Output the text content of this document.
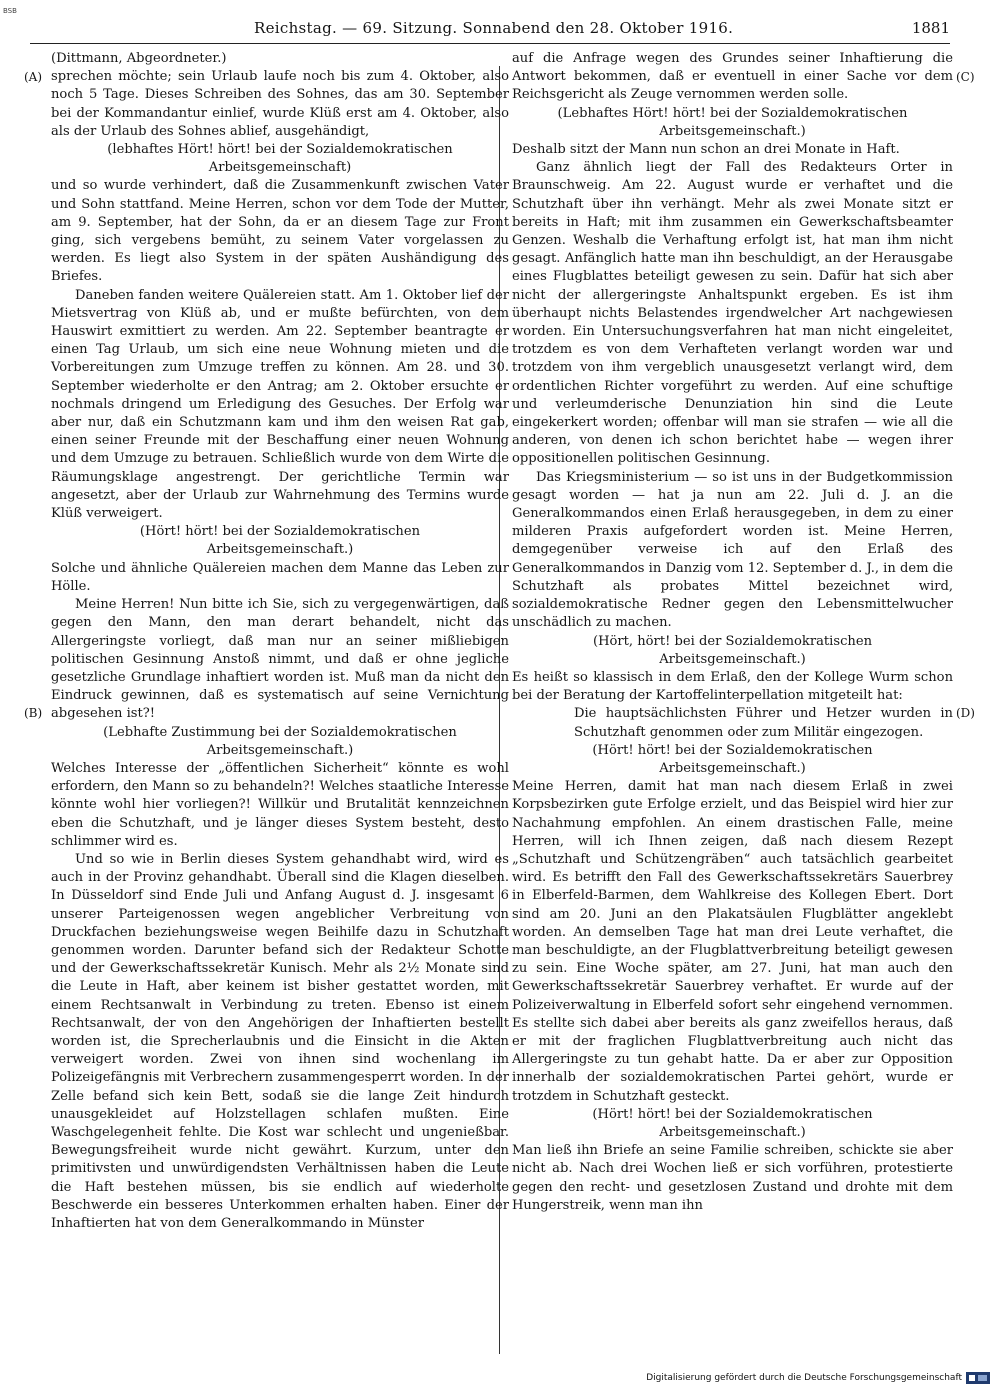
BSB
Reichstag. — 69. Sitzung. Sonnabend den 28. Oktober 1916.	1881
(A)
(B)
(C)
(D)

(Dittmann, Abgeordneter.)

sprechen möchte; sein Urlaub laufe noch bis zum 4. Oktober, also noch 5 Tage. Dieses Schreiben des Sohnes, das am 30. September bei der Kommandantur einlief, wurde Klüß erst am 4. Oktober, also als der Urlaub des Sohnes ablief, ausgehändigt,

(lebhaftes Hört! hört! bei der Sozialdemokratischen Arbeitsgemeinschaft)

und so wurde verhindert, daß die Zusammenkunft zwischen Vater und Sohn stattfand. Meine Herren, schon vor dem Tode der Mutter, am 9. September, hat der Sohn, da er an diesem Tage zur Front ging, sich vergebens bemüht, zu seinem Vater vorgelassen zu werden. Es liegt also System in der späten Aushändigung des Briefes.

Daneben fanden weitere Quälereien statt. Am 1. Oktober lief der Mietsvertrag von Klüß ab, und er mußte befürchten, von dem Hauswirt exmittiert zu werden. Am 22. September beantragte er einen Tag Urlaub, um sich eine neue Wohnung mieten und die Vorbereitungen zum Umzuge treffen zu können. Am 28. und 30. September wiederholte er den Antrag; am 2. Oktober ersuchte er nochmals dringend um Erledigung des Gesuches. Der Erfolg war aber nur, daß ein Schutzmann kam und ihm den weisen Rat gab, einen seiner Freunde mit der Beschaffung einer neuen Wohnung und dem Umzuge zu betrauen. Schließlich wurde von dem Wirte die Räumungsklage angestrengt. Der gerichtliche Termin war angesetzt, aber der Urlaub zur Wahrnehmung des Termins wurde Klüß verweigert.

(Hört! hört! bei der Sozialdemokratischen Arbeitsgemeinschaft.)

Solche und ähnliche Quälereien machen dem Manne das Leben zur Hölle.

Meine Herren! Nun bitte ich Sie, sich zu vergegenwärtigen, daß gegen den Mann, den man derart behandelt, nicht das Allergeringste vorliegt, daß man nur an seiner mißliebigen politischen Gesinnung Anstoß nimmt, und daß er ohne jegliche gesetzliche Grundlage inhaftiert worden ist. Muß man da nicht den Eindruck gewinnen, daß es systematisch auf seine Vernichtung abgesehen ist?!

(Lebhafte Zustimmung bei der Sozialdemokratischen Arbeitsgemeinschaft.)

Welches Interesse der „öffentlichen Sicherheit“ könnte es wohl erfordern, den Mann so zu behandeln?! Welches staatliche Interesse könnte wohl hier vorliegen?! Willkür und Brutalität kennzeichnen eben die Schutzhaft, und je länger dieses System besteht, desto schlimmer wird es.

Und so wie in Berlin dieses System gehandhabt wird, wird es auch in der Provinz gehandhabt. Überall sind die Klagen dieselben. In Düsseldorf sind Ende Juli und Anfang August d. J. insgesamt 6 unserer Parteigenossen wegen angeblicher Verbreitung von Druckfachen beziehungsweise wegen Beihilfe dazu in Schutzhaft genommen worden. Darunter befand sich der Redakteur Schotte und der Gewerkschaftssekretär Kunisch. Mehr als 2½ Monate sind die Leute in Haft, aber keinem ist bisher gestattet worden, mit einem Rechtsanwalt in Verbindung zu treten. Ebenso ist einem Rechtsanwalt, der von den Angehörigen der Inhaftierten bestellt worden ist, die Sprecherlaubnis und die Einsicht in die Akten verweigert worden. Zwei von ihnen sind wochenlang im Polizeigefängnis mit Verbrechern zusammengesperrt worden. In der Zelle befand sich kein Bett, sodaß sie die lange Zeit hindurch unausgekleidet auf Holzstellagen schlafen mußten. Eine Waschgelegenheit fehlte. Die Kost war schlecht und ungenießbar. Bewegungsfreiheit wurde nicht gewährt. Kurzum, unter den primitivsten und unwürdigendsten Verhältnissen haben die Leute die Haft bestehen müssen, bis sie endlich auf wiederholte Beschwerde ein besseres Unterkommen erhalten haben. Einer der Inhaftierten hat von dem Generalkommando in Münster

auf die Anfrage wegen des Grundes seiner Inhaftierung die Antwort bekommen, daß er eventuell in einer Sache vor dem Reichsgericht als Zeuge vernommen werden solle.

(Lebhaftes Hört! hört! bei der Sozialdemokratischen Arbeitsgemeinschaft.)

Deshalb sitzt der Mann nun schon an drei Monate in Haft.

Ganz ähnlich liegt der Fall des Redakteurs Orter in Braunschweig. Am 22. August wurde er verhaftet und die Schutzhaft über ihn verhängt. Mehr als zwei Monate sitzt er bereits in Haft; mit ihm zusammen ein Gewerkschaftsbeamter Genzen. Weshalb die Verhaftung erfolgt ist, hat man ihm nicht gesagt. Anfänglich hatte man ihn beschuldigt, an der Herausgabe eines Flugblattes beteiligt gewesen zu sein. Dafür hat sich aber nicht der allergeringste Anhaltspunkt ergeben. Es ist ihm überhaupt nichts Belastendes irgendwelcher Art nachgewiesen worden. Ein Untersuchungsverfahren hat man nicht eingeleitet, trotzdem es von dem Verhafteten verlangt worden war und trotzdem von ihm vergeblich unausgesetzt verlangt wird, dem ordentlichen Richter vorgeführt zu werden. Auf eine schuftige und verleumderische Denunziation hin sind die Leute eingekerkert worden; offenbar will man sie strafen — wie all die anderen, von denen ich schon berichtet habe — wegen ihrer oppositionellen politischen Gesinnung.

Das Kriegsministerium — so ist uns in der Budgetkommission gesagt worden — hat ja nun am 22. Juli d. J. an die Generalkommandos einen Erlaß herausgegeben, in dem zu einer milderen Praxis aufgefordert worden ist. Meine Herren, demgegenüber verweise ich auf den Erlaß des Generalkommandos in Danzig vom 12. September d. J., in dem die Schutzhaft als probates Mittel bezeichnet wird, sozialdemokratische Redner gegen den Lebensmittelwucher unschädlich zu machen.

(Hört, hört! bei der Sozialdemokratischen Arbeitsgemeinschaft.)

Es heißt so klassisch in dem Erlaß, den der Kollege Wurm schon bei der Beratung der Kartoffelinterpellation mitgeteilt hat:

Die hauptsächlichsten Führer und Hetzer wurden in Schutzhaft genommen oder zum Militär eingezogen.

(Hört! hört! bei der Sozialdemokratischen Arbeitsgemeinschaft.)

Meine Herren, damit hat man nach diesem Erlaß in zwei Korpsbezirken gute Erfolge erzielt, und das Beispiel wird hier zur Nachahmung empfohlen. An einem drastischen Falle, meine Herren, will ich Ihnen zeigen, daß nach diesem Rezept „Schutzhaft und Schützengräben“ auch tatsächlich gearbeitet wird. Es betrifft den Fall des Gewerkschaftssekretärs Sauerbrey in Elberfeld-Barmen, dem Wahlkreise des Kollegen Ebert. Dort sind am 20. Juni an den Plakatsäulen Flugblätter angeklebt worden. An demselben Tage hat man drei Leute verhaftet, die man beschuldigte, an der Flugblattverbreitung beteiligt gewesen zu sein. Eine Woche später, am 27. Juni, hat man auch den Gewerkschaftssekretär Sauerbrey verhaftet. Er wurde auf der Polizeiverwaltung in Elberfeld sofort sehr eingehend vernommen. Es stellte sich dabei aber bereits als ganz zweifellos heraus, daß er mit der fraglichen Flugblattverbreitung auch nicht das Allergeringste zu tun gehabt hatte. Da er aber zur Opposition innerhalb der sozialdemokratischen Partei gehört, wurde er trotzdem in Schutzhaft gesteckt.

(Hört! hört! bei der Sozialdemokratischen Arbeitsgemeinschaft.)

Man ließ ihn Briefe an seine Familie schreiben, schickte sie aber nicht ab. Nach drei Wochen ließ er sich vorführen, protestierte gegen den recht- und gesetzlosen Zustand und drohte mit dem Hungerstreik, wenn man ihn

Digitalisierung gefördert durch die Deutsche Forschungsgemeinschaft
